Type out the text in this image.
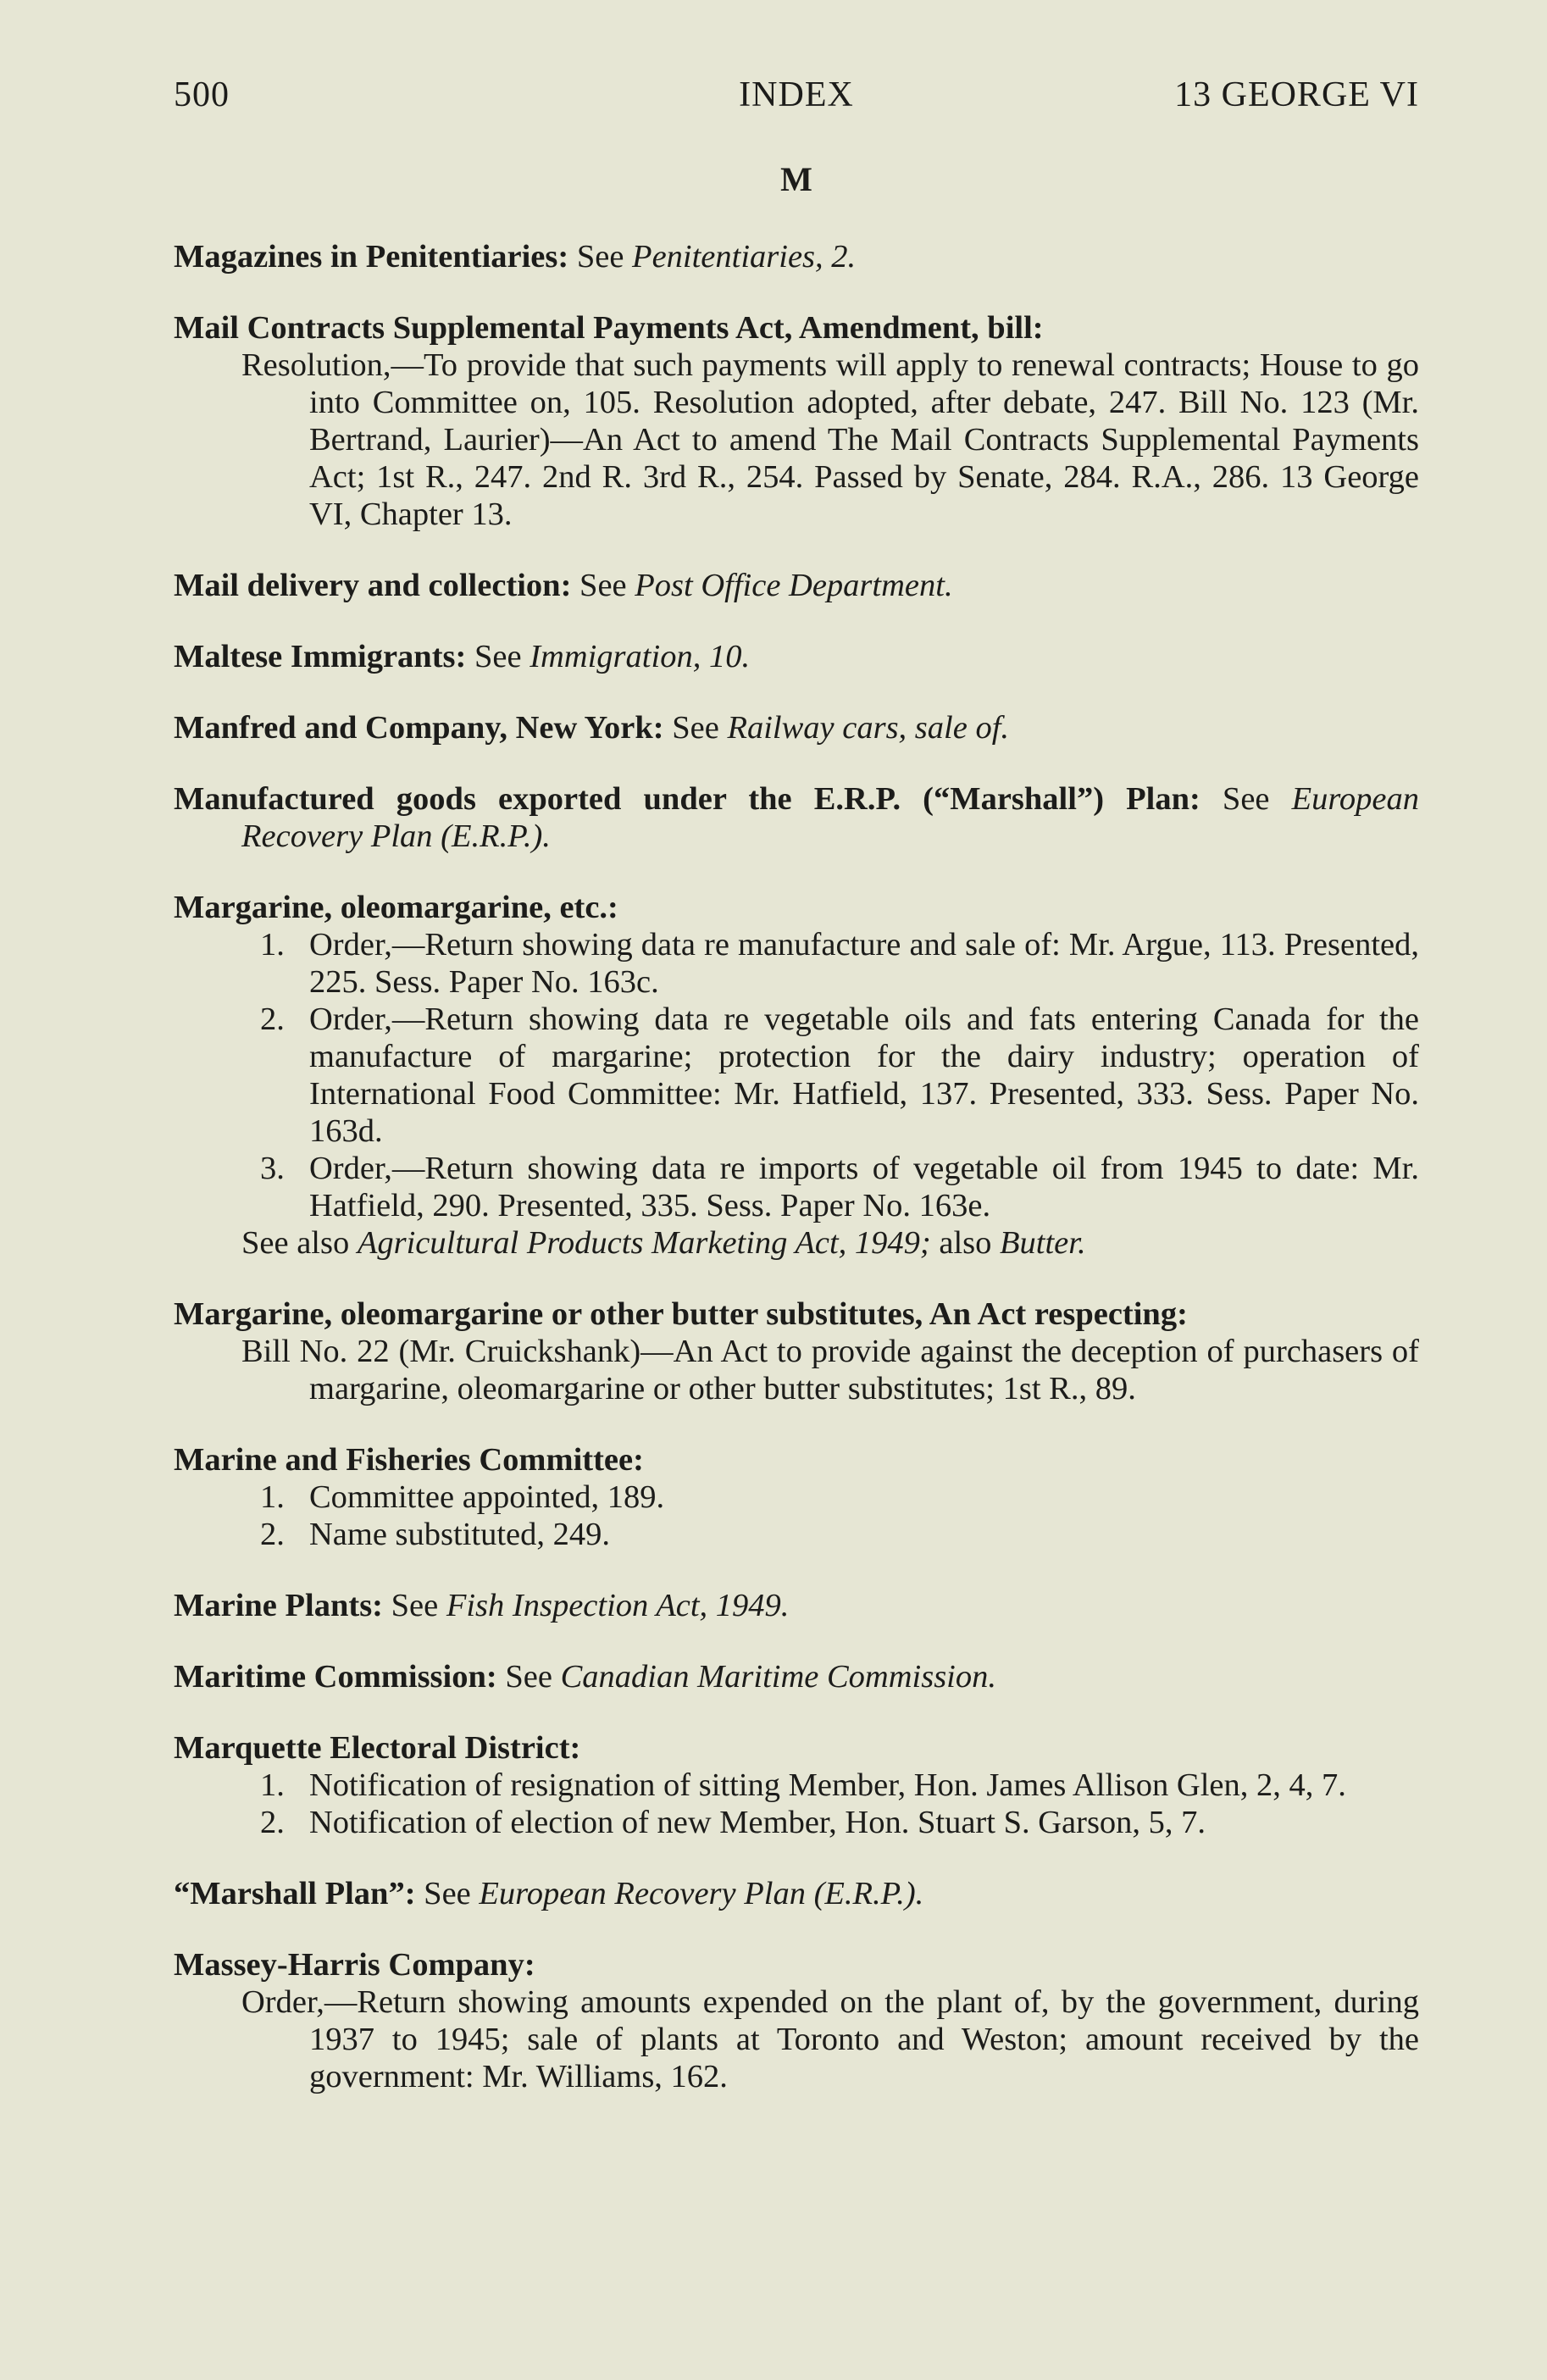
500	INDEX	13 GEORGE VI
M
Magazines in Penitentiaries: See Penitentiaries, 2.
Mail Contracts Supplemental Payments Act, Amendment, bill:
Resolution,—To provide that such payments will apply to renewal contracts; House to go into Committee on, 105. Resolution adopted, after debate, 247. Bill No. 123 (Mr. Bertrand, Laurier)—An Act to amend The Mail Contracts Supplemental Payments Act; 1st R., 247. 2nd R. 3rd R., 254. Passed by Senate, 284. R.A., 286. 13 George VI, Chapter 13.
Mail delivery and collection: See Post Office Department.
Maltese Immigrants: See Immigration, 10.
Manfred and Company, New York: See Railway cars, sale of.
Manufactured goods exported under the E.R.P. (“Marshall”) Plan: See European Recovery Plan (E.R.P.).
Margarine, oleomargarine, etc.:
1. Order,—Return showing data re manufacture and sale of: Mr. Argue, 113. Presented, 225. Sess. Paper No. 163c.
2. Order,—Return showing data re vegetable oils and fats entering Canada for the manufacture of margarine; protection for the dairy industry; operation of International Food Committee: Mr. Hatfield, 137. Presented, 333. Sess. Paper No. 163d.
3. Order,—Return showing data re imports of vegetable oil from 1945 to date: Mr. Hatfield, 290. Presented, 335. Sess. Paper No. 163e.
See also Agricultural Products Marketing Act, 1949; also Butter.
Margarine, oleomargarine or other butter substitutes, An Act respecting:
Bill No. 22 (Mr. Cruickshank)—An Act to provide against the deception of purchasers of margarine, oleomargarine or other butter substitutes; 1st R., 89.
Marine and Fisheries Committee:
1. Committee appointed, 189.
2. Name substituted, 249.
Marine Plants: See Fish Inspection Act, 1949.
Maritime Commission: See Canadian Maritime Commission.
Marquette Electoral District:
1. Notification of resignation of sitting Member, Hon. James Allison Glen, 2, 4, 7.
2. Notification of election of new Member, Hon. Stuart S. Garson, 5, 7.
“Marshall Plan”: See European Recovery Plan (E.R.P.).
Massey-Harris Company:
Order,—Return showing amounts expended on the plant of, by the government, during 1937 to 1945; sale of plants at Toronto and Weston; amount received by the government: Mr. Williams, 162.
